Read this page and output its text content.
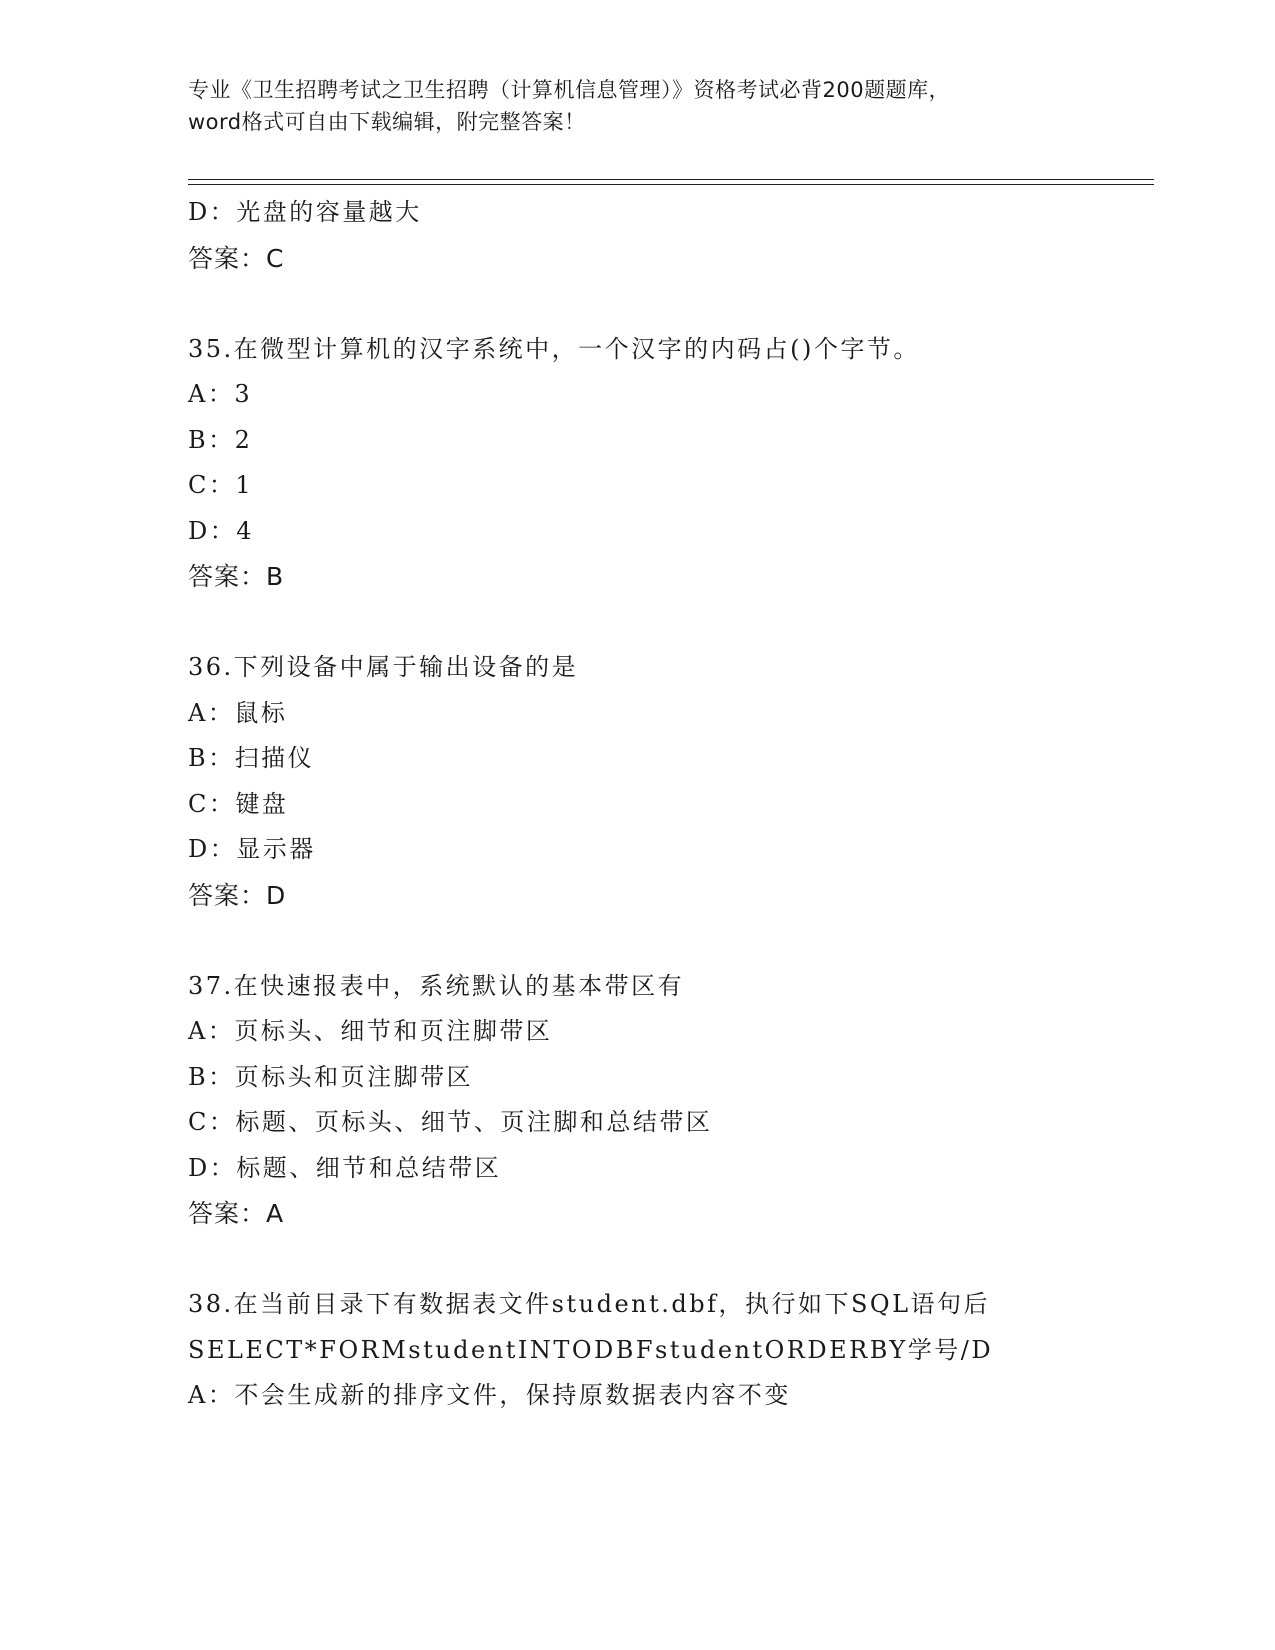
专业《卫生招聘考试之卫生招聘（计算机信息管理）》资格考试必背200题题库，
word格式可自由下载编辑，附完整答案！
D：光盘的容量越大
答案：C
35.在微型计算机的汉字系统中，一个汉字的内码占()个字节。
A：3
B：2
C：1
D：4
答案：B
36.下列设备中属于输出设备的是
A：鼠标
B：扫描仪
C：键盘
D：显示器
答案：D
37.在快速报表中，系统默认的基本带区有
A：页标头、细节和页注脚带区
B：页标头和页注脚带区
C：标题、页标头、细节、页注脚和总结带区
D：标题、细节和总结带区
答案：A
38.在当前目录下有数据表文件student.dbf，执行如下SQL语句后
SELECT*FORMstudentINTODBFstudentORDERBY学号/D
A：不会生成新的排序文件，保持原数据表内容不变
